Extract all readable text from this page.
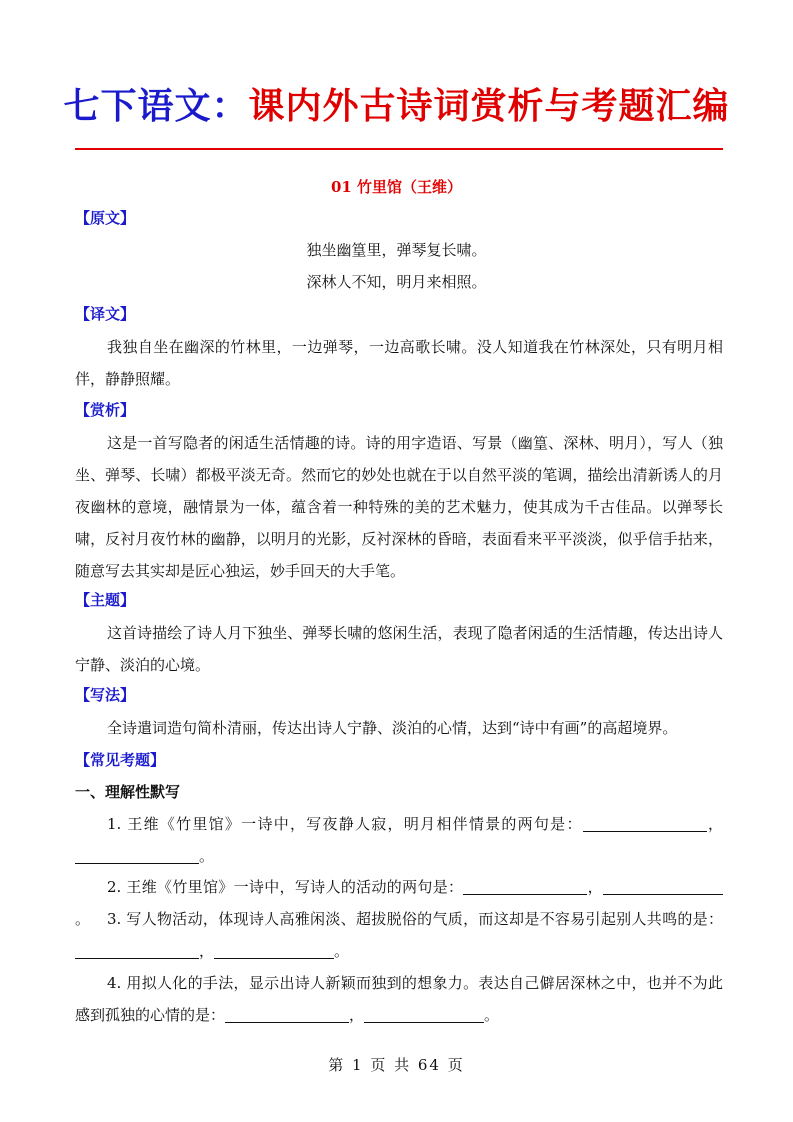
七下语文：课内外古诗词赏析与考题汇编
01 竹里馆（王维）
【原文】
独坐幽篁里，弹琴复长啸。
深林人不知，明月来相照。
【译文】
我独自坐在幽深的竹林里，一边弹琴，一边高歌长啸。没人知道我在竹林深处，只有明月相伴，静静照耀。
【赏析】
这是一首写隐者的闲适生活情趣的诗。诗的用字造语、写景（幽篁、深林、明月），写人（独坐、弹琴、长啸）都极平淡无奇。然而它的妙处也就在于以自然平淡的笔调，描绘出清新诱人的月夜幽林的意境，融情景为一体，蕴含着一种特殊的美的艺术魅力，使其成为千古佳品。以弹琴长啸，反衬月夜竹林的幽静，以明月的光影，反衬深林的昏暗，表面看来平平淡淡，似乎信手拈来，随意写去其实却是匠心独运，妙手回天的大手笔。
【主题】
这首诗描绘了诗人月下独坐、弹琴长啸的悠闲生活，表现了隐者闲适的生活情趣，传达出诗人宁静、淡泊的心境。
【写法】
全诗遣词造句简朴清丽，传达出诗人宁静、淡泊的心情，达到“诗中有画”的高超境界。
【常见考题】
一、理解性默写
1. 王维《竹里馆》一诗中，写夜静人寂，明月相伴情景的两句是：	，。
2. 王维《竹里馆》一诗中，写诗人的活动的两句是：	，。	3. 写人物活动，体现诗人高雅闲淡、超拔脱俗的气质，而这却是不容易引起别人共鸣的是：，	。
4. 用拟人化的手法，显示出诗人新颖而独到的想象力。表达自己僻居深林之中，也并不为此感到孤独的心情的是：	，	。
第 1 页 共 64 页
